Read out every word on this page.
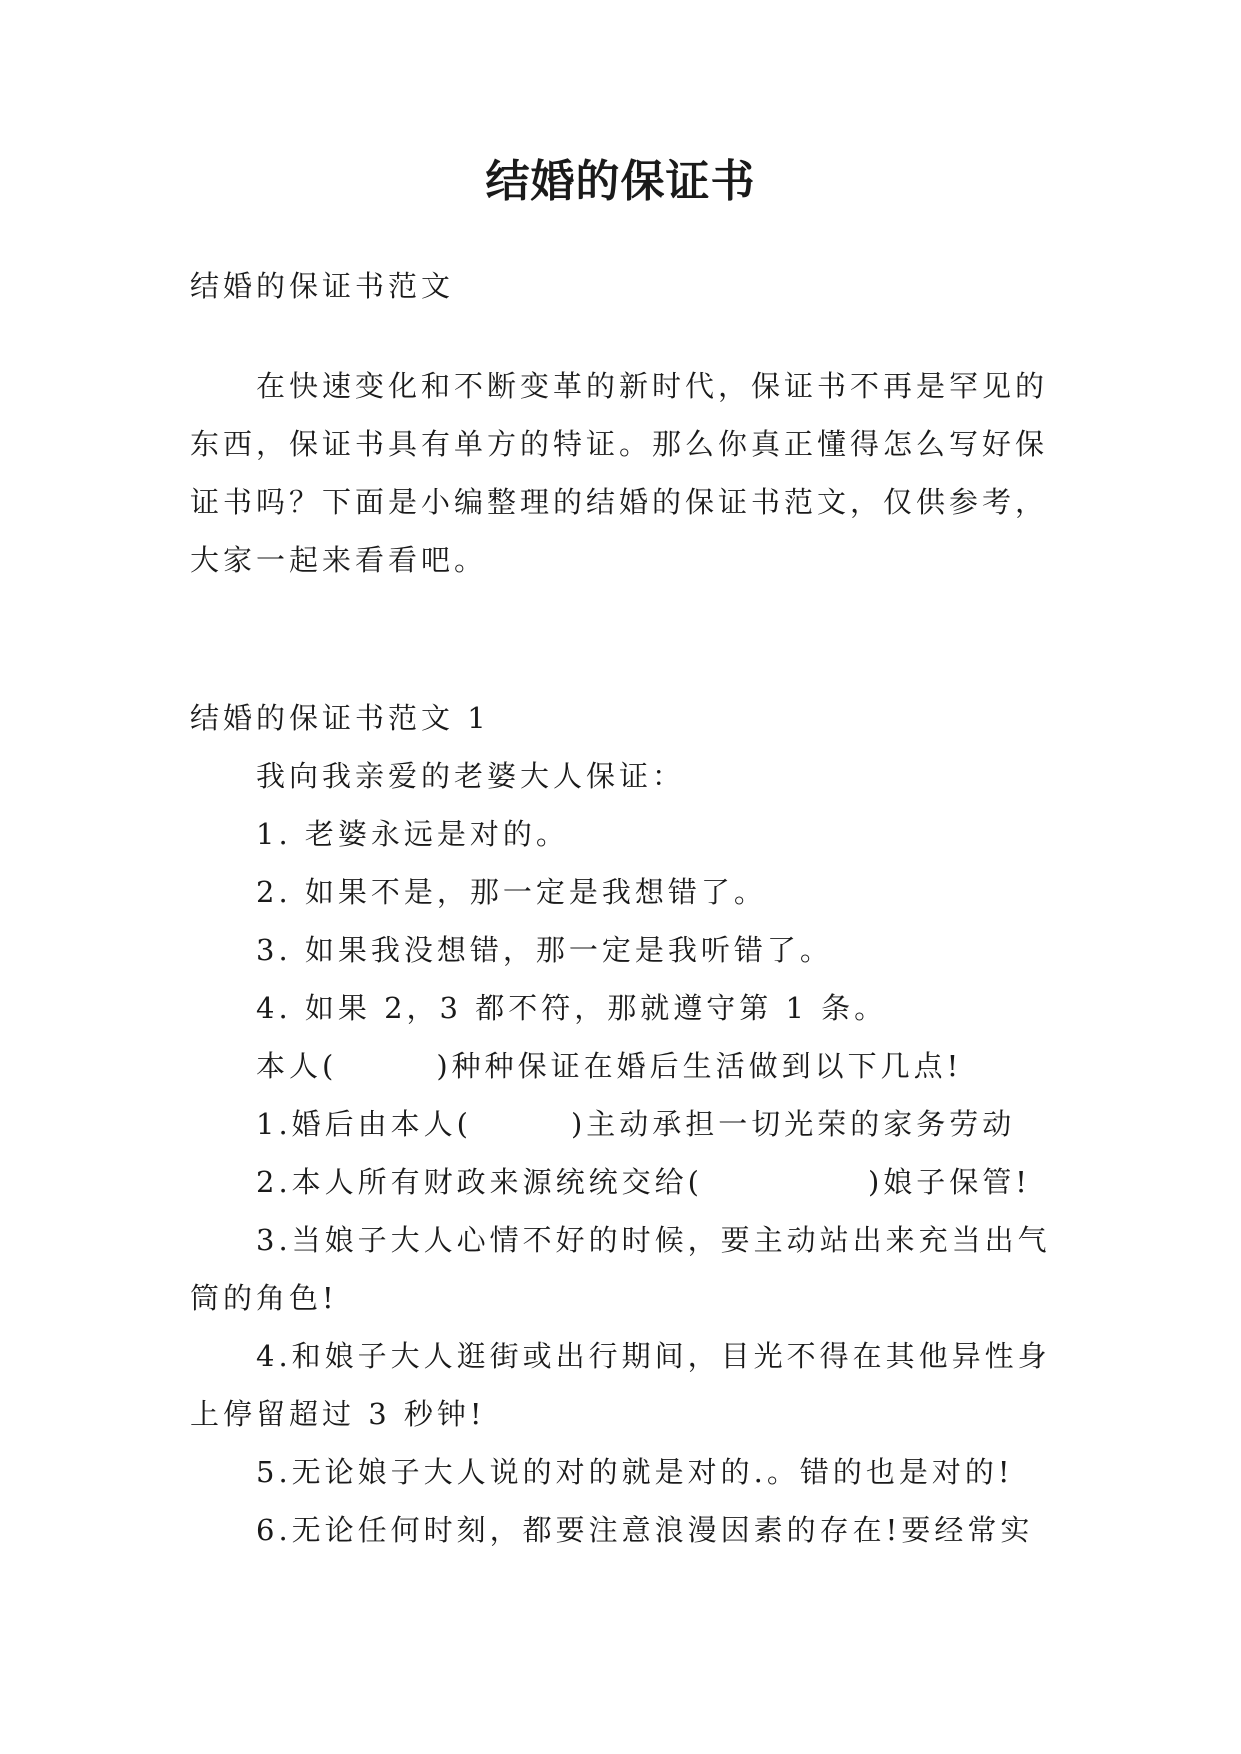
结婚的保证书

结婚的保证书范文

在快速变化和不断变革的新时代，保证书不再是罕见的

东西，保证书具有单方的特证。那么你真正懂得怎么写好保

证书吗？下面是小编整理的结婚的保证书范文，仅供参考，

大家一起来看看吧。

结婚的保证书范文 1

我向我亲爱的老婆大人保证：

1. 老婆永远是对的。

2. 如果不是，那一定是我想错了。

3. 如果我没想错，那一定是我听错了。

4. 如果 2，3 都不符，那就遵守第 1 条。

本人(　　　)种种保证在婚后生活做到以下几点!

1.婚后由本人(　　　)主动承担一切光荣的家务劳动

2.本人所有财政来源统统交给(　　　　　)娘子保管!

3.当娘子大人心情不好的时候，要主动站出来充当出气

筒的角色!

4.和娘子大人逛街或出行期间，目光不得在其他异性身

上停留超过 3 秒钟!

5.无论娘子大人说的对的就是对的.。错的也是对的!

6.无论任何时刻，都要注意浪漫因素的存在!要经常实
